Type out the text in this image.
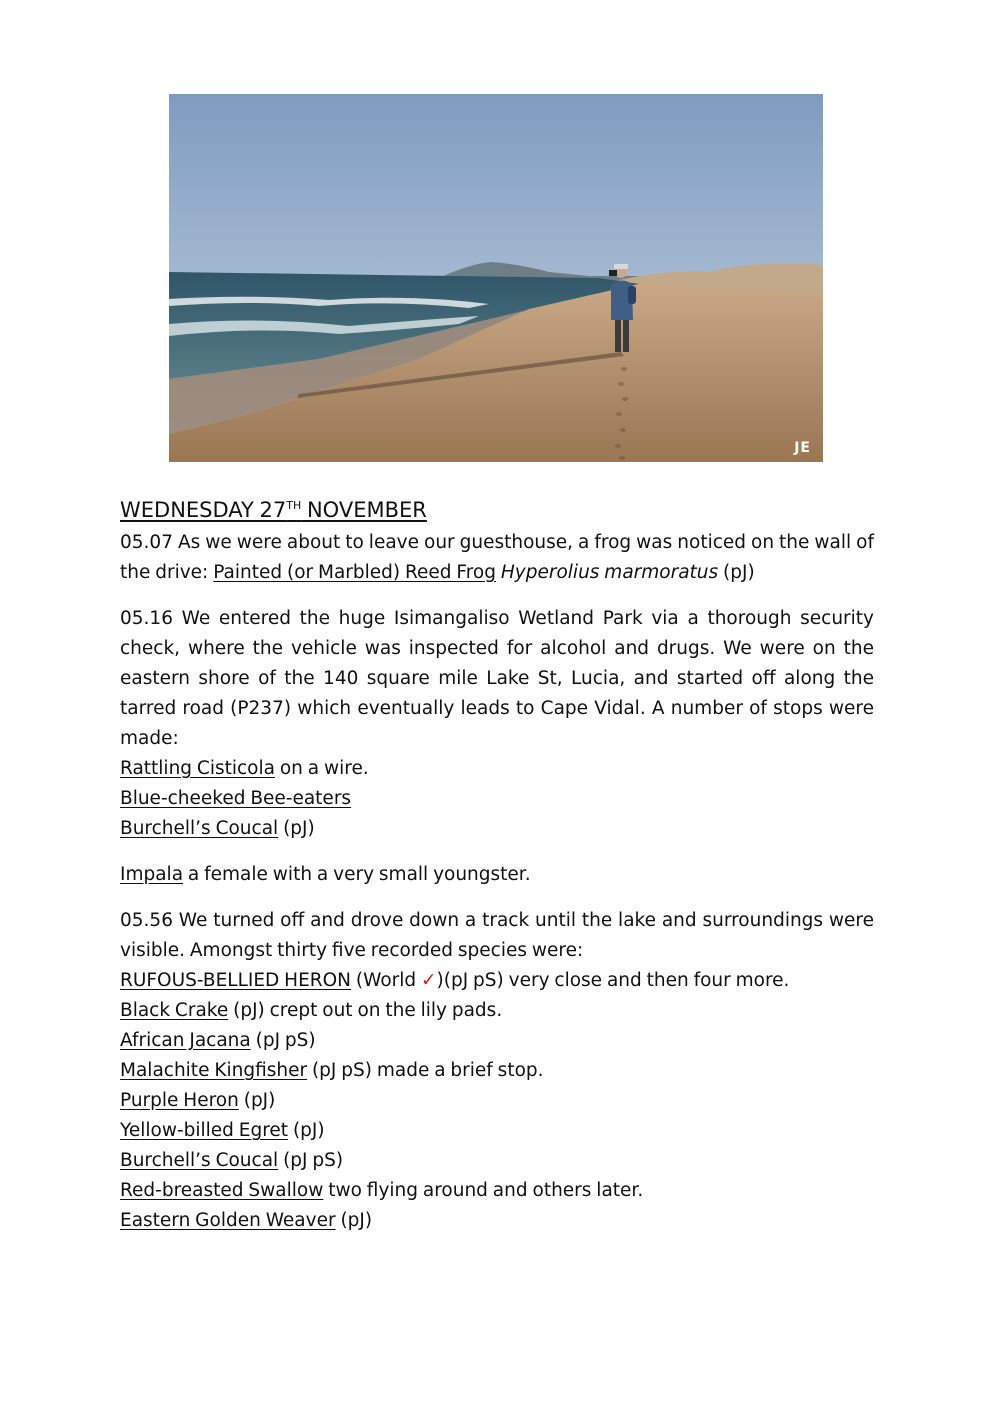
JE
WEDNESDAY 27TH NOVEMBER

05.07 As we were about to leave our guesthouse, a frog was noticed on the wall of the drive: Painted (or Marbled) Reed Frog Hyperolius marmoratus (pJ)

05.16 We entered the huge Isimangaliso Wetland Park via a thorough security check, where the vehicle was inspected for alcohol and drugs. We were on the eastern shore of the 140 square mile Lake St, Lucia, and started off along the tarred road (P237) which eventually leads to Cape Vidal. A number of stops were made:

Rattling Cisticola on a wire.
Blue-cheeked Bee-eaters
Burchell’s Coucal (pJ)

Impala a female with a very small youngster.

05.56 We turned off and drove down a track until the lake and surroundings were visible. Amongst thirty five recorded species were:

RUFOUS-BELLIED HERON (World ✓)(pJ pS) very close and then four more.
Black Crake (pJ) crept out on the lily pads.
African Jacana (pJ pS)
Malachite Kingfisher (pJ pS) made a brief stop.
Purple Heron (pJ)
Yellow-billed Egret (pJ)
Burchell’s Coucal (pJ pS)
Red-breasted Swallow two flying around and others later.
Eastern Golden Weaver (pJ)
